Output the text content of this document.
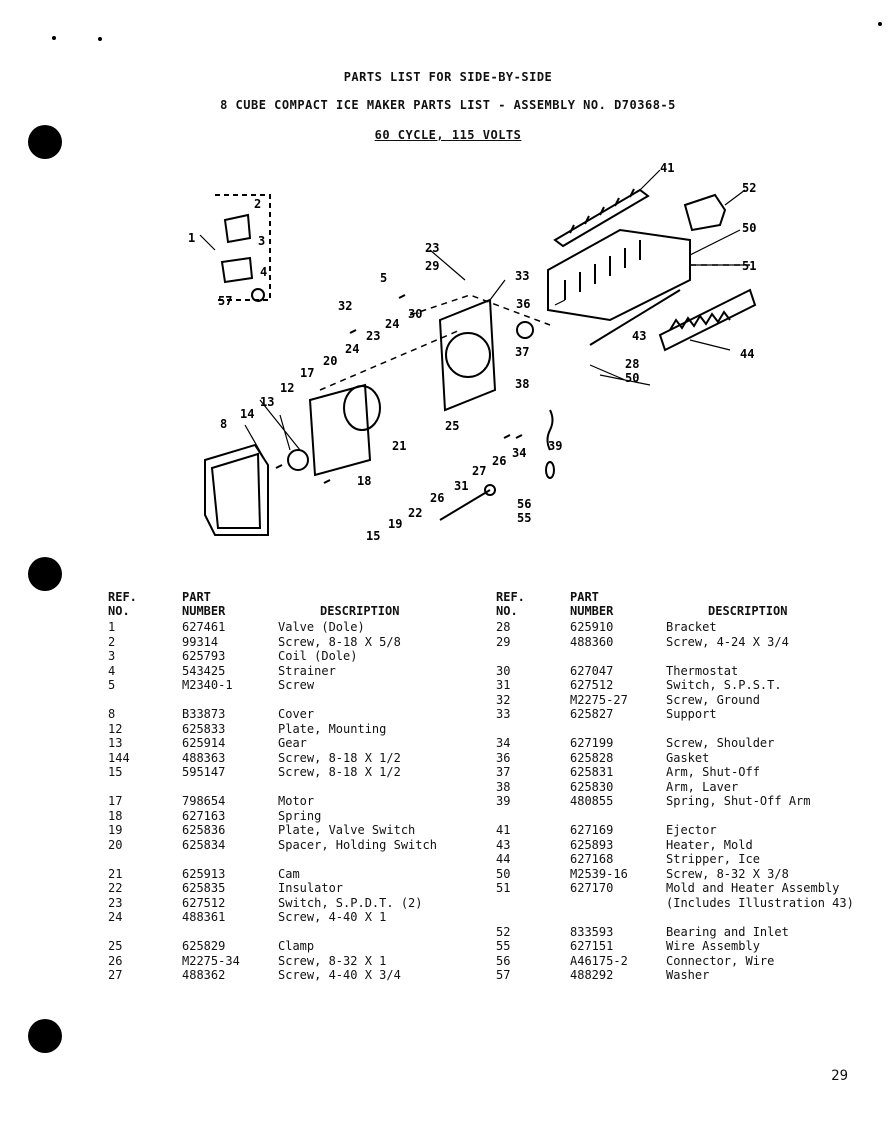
PARTS LIST FOR SIDE-BY-SIDE
8 CUBE COMPACT ICE MAKER PARTS LIST - ASSEMBLY NO. D70368-5
60 CYCLE, 115 VOLTS
41
52
50
51
1
2
3
4
57
23
29
33
5
32	36
30
24
23
37
43
28
50
44
24
20
17
38
12
13
14
8
39
21
25
26
27
34
18	31
26	56
55
19
22
15
REF.
NO.
PART
NUMBER	DESCRIPTION
1	627461	Valve (Dole)
2	99314	Screw, 8-18 X 5/8
3	625793	Coil (Dole)
4	543425	Strainer
5	M2340-1	Screw
8	B33873	Cover
12	625833	Plate, Mounting
13	625914	Gear
144	488363	Screw, 8-18 X 1/2
15	595147	Screw, 8-18 X 1/2
17	798654	Motor
18	627163	Spring
19	625836	Plate, Valve Switch
20	625834	Spacer, Holding Switch
21	625913	Cam
22	625835	Insulator
23	627512	Switch, S.P.D.T. (2)
24	488361	Screw, 4-40 X 1
25	625829	Clamp
26	M2275-34	Screw, 8-32 X 1
27	488362	Screw, 4-40 X 3/4
REF.
NO.
PART
NUMBER	DESCRIPTION
28	625910	Bracket
29	488360	Screw, 4-24 X 3/4
30	627047	Thermostat
31	627512	Switch, S.P.S.T.
32	M2275-27	Screw, Ground
33	625827	Support
34	627199	Screw, Shoulder
36	625828	Gasket
37	625831	Arm, Shut-Off
38	625830	Arm, Laver
39	480855	Spring, Shut-Off Arm
41	627169	Ejector
43	625893	Heater, Mold
44	627168	Stripper, Ice
50	M2539-16	Screw, 8-32 X 3/8
51	627170	Mold and Heater Assembly
(Includes Illustration 43)
52	833593	Bearing and Inlet
55	627151	Wire Assembly
56	A46175-2	Connector, Wire
57	488292	Washer
29
